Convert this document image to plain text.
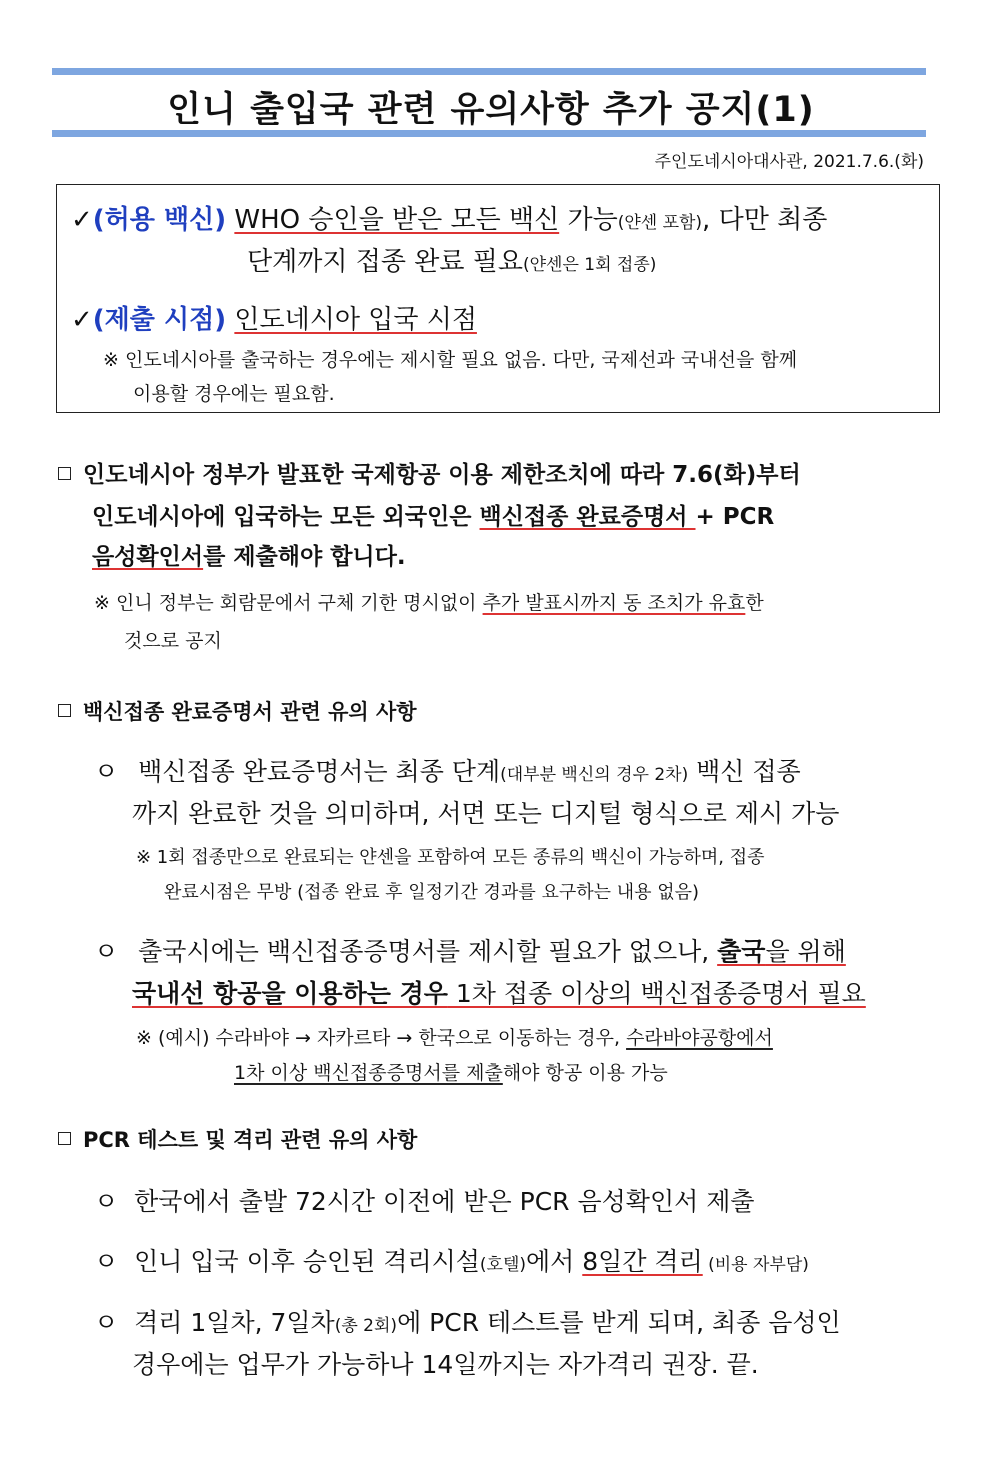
인니 출입국 관련 유의사항 추가 공지(1)
주인도네시아대사관, 2021.7.6.(화)
✓(허용 백신) WHO 승인을 받은 모든 백신 가능(얀센 포함), 다만 최종
단계까지 접종 완료 필요(얀센은 1회 접종)
✓(제출 시점) 인도네시아 입국 시점
※ 인도네시아를 출국하는 경우에는 제시할 필요 없음. 다만, 국제선과 국내선을 함께
이용할 경우에는 필요함.
인도네시아 정부가 발표한 국제항공 이용 제한조치에 따라 7.6(화)부터
인도네시아에 입국하는 모든 외국인은 백신접종 완료증명서 + PCR
음성확인서를 제출해야 합니다.
※ 인니 정부는 회람문에서 구체 기한 명시없이 추가 발표시까지 동 조치가 유효한
것으로 공지
백신접종 완료증명서 관련 유의 사항
ㅇ 백신접종 완료증명서는 최종 단계(대부분 백신의 경우 2차) 백신 접종
까지 완료한 것을 의미하며, 서면 또는 디지털 형식으로 제시 가능
※ 1회 접종만으로 완료되는 얀센을 포함하여 모든 종류의 백신이 가능하며, 접종
완료시점은 무방 (접종 완료 후 일정기간 경과를 요구하는 내용 없음)
ㅇ 출국시에는 백신접종증명서를 제시할 필요가 없으나, 출국을 위해
국내선 항공을 이용하는 경우 1차 접종 이상의 백신접종증명서 필요
※ (예시) 수라바야 → 자카르타 → 한국으로 이동하는 경우, 수라바야공항에서
1차 이상 백신접종증명서를 제출해야 항공 이용 가능
PCR 테스트 및 격리 관련 유의 사항
ㅇ 한국에서 출발 72시간 이전에 받은 PCR 음성확인서 제출
ㅇ 인니 입국 이후 승인된 격리시설(호텔)에서 8일간 격리 (비용 자부담)
ㅇ 격리 1일차, 7일차(총 2회)에 PCR 테스트를 받게 되며, 최종 음성인
경우에는 업무가 가능하나 14일까지는 자가격리 권장. 끝.
